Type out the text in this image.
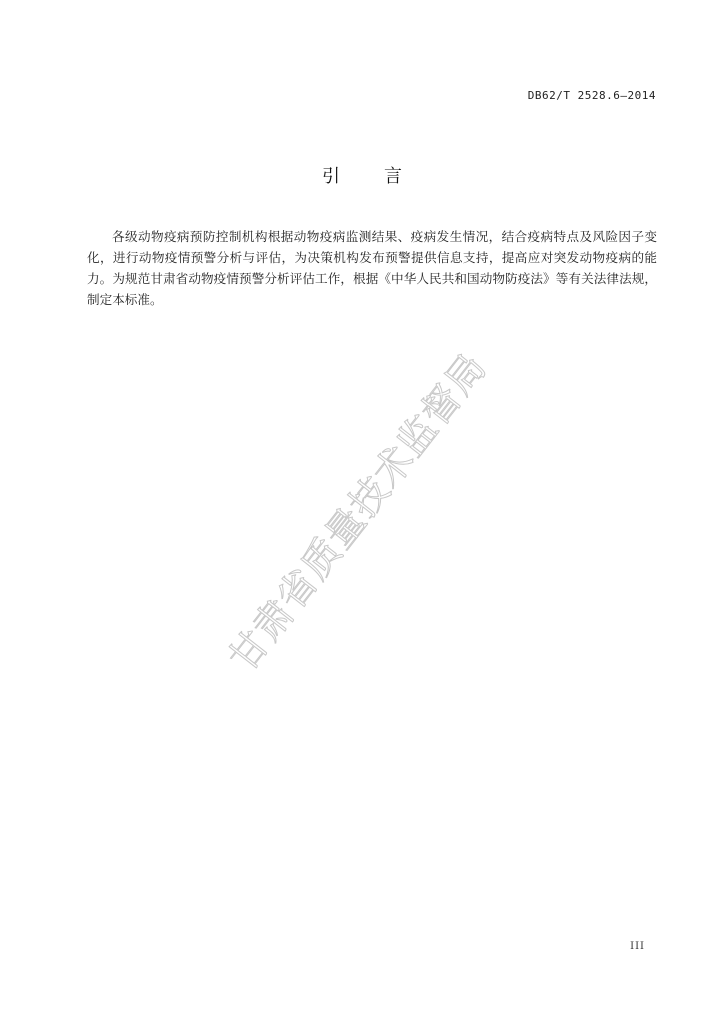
DB62/T 2528.6—2014
引言

各级动物疫病预防控制机构根据动物疫病监测结果、疫病发生情况，结合疫病特点及风险因子变化，进行动物疫情预警分析与评估，为决策机构发布预警提供信息支持，提高应对突发动物疫病的能力。为规范甘肃省动物疫情预警分析评估工作，根据《中华人民共和国动物防疫法》等有关法律法规，制定本标准。

甘肃省质量技术监督局
III
